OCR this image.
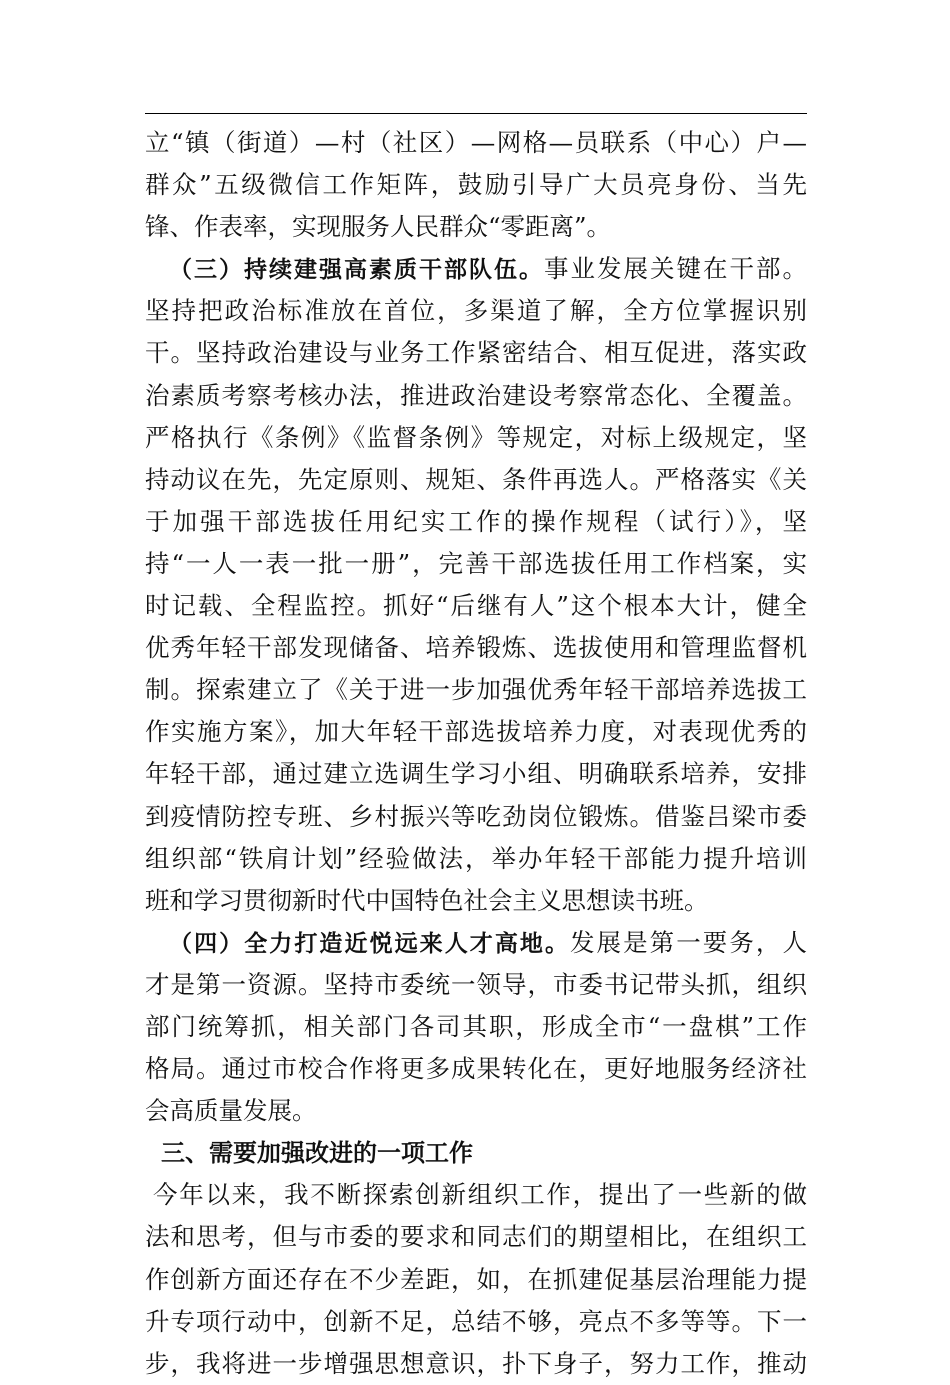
立“镇（街道）—村（社区）—网格—员联系（中心）户—
群众”五级微信工作矩阵，鼓励引导广大员亮身份、当先
锋、作表率，实现服务人民群众“零距离”。
（三）持续建强高素质干部队伍。事业发展关键在干部。
坚持把政治标准放在首位，多渠道了解，全方位掌握识别
干。坚持政治建设与业务工作紧密结合、相互促进，落实政
治素质考察考核办法，推进政治建设考察常态化、全覆盖。
严格执行《条例》《监督条例》等规定，对标上级规定，坚
持动议在先，先定原则、规矩、条件再选人。严格落实《关
于加强干部选拔任用纪实工作的操作规程（试行）》，坚
持“一人一表一批一册”，完善干部选拔任用工作档案，实
时记载、全程监控。抓好“后继有人”这个根本大计，健全
优秀年轻干部发现储备、培养锻炼、选拔使用和管理监督机
制。探索建立了《关于进一步加强优秀年轻干部培养选拔工
作实施方案》，加大年轻干部选拔培养力度，对表现优秀的
年轻干部，通过建立选调生学习小组、明确联系培养，安排
到疫情防控专班、乡村振兴等吃劲岗位锻炼。借鉴吕梁市委
组织部“铁肩计划”经验做法，举办年轻干部能力提升培训
班和学习贯彻新时代中国特色社会主义思想读书班。
（四）全力打造近悦远来人才高地。发展是第一要务，人
才是第一资源。坚持市委统一领导，市委书记带头抓，组织
部门统筹抓，相关部门各司其职，形成全市“一盘棋”工作
格局。通过市校合作将更多成果转化在，更好地服务经济社
会高质量发展。
三、需要加强改进的一项工作
今年以来，我不断探索创新组织工作，提出了一些新的做
法和思考，但与市委的要求和同志们的期望相比，在组织工
作创新方面还存在不少差距，如，在抓建促基层治理能力提
升专项行动中，创新不足，总结不够，亮点不多等等。下一
步，我将进一步增强思想意识，扑下身子，努力工作，推动
